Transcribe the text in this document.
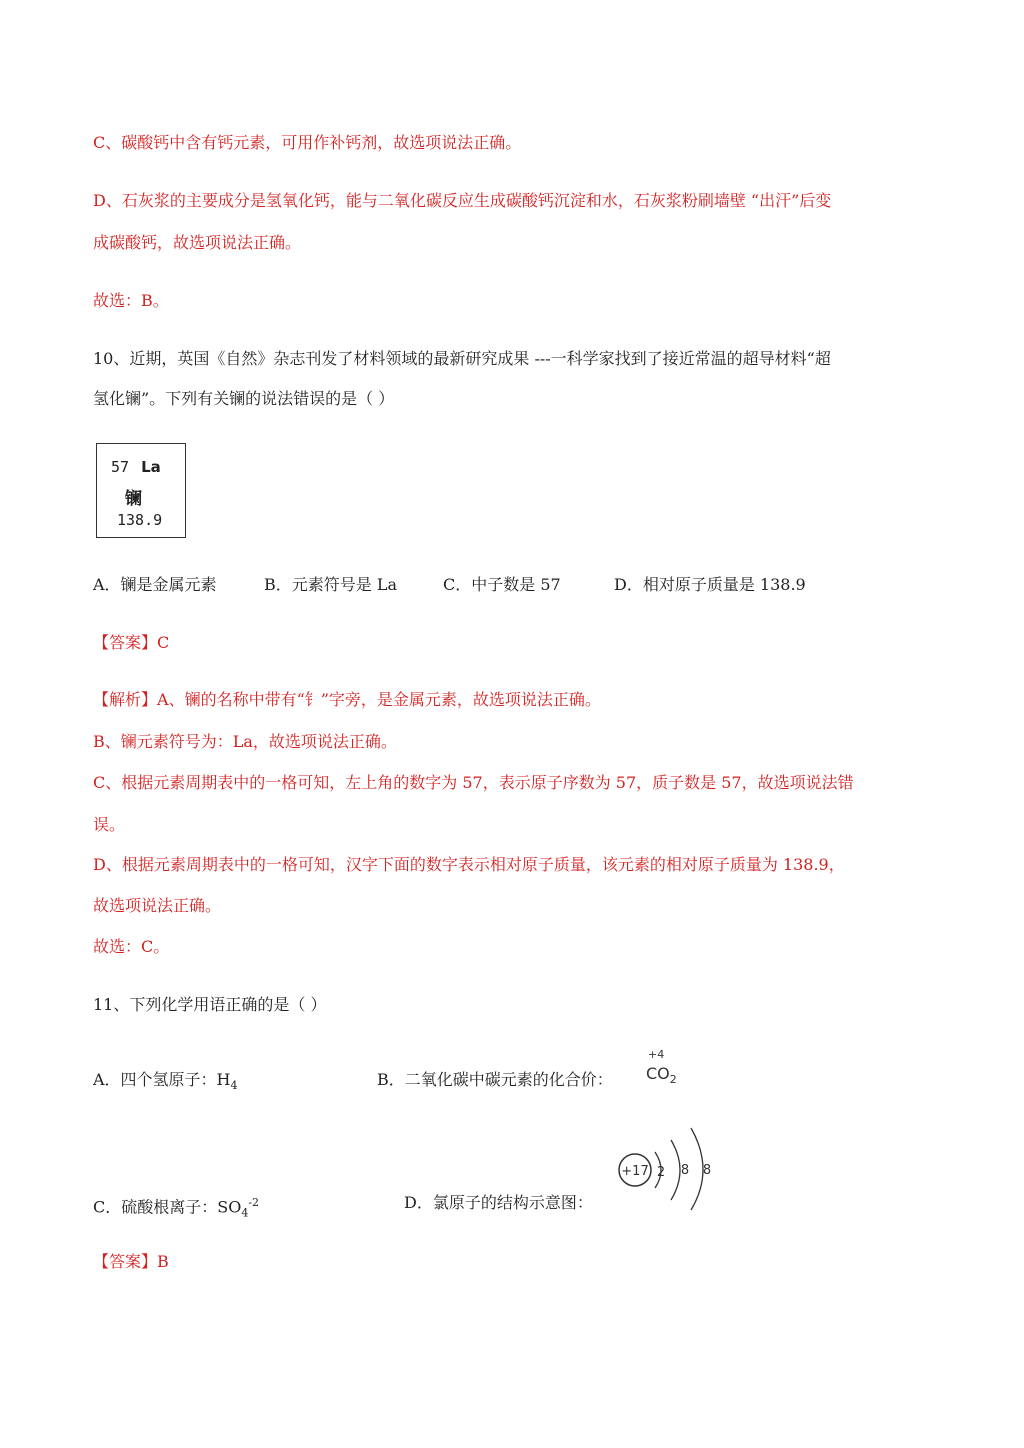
C、碳酸钙中含有钙元素，可用作补钙剂，故选项说法正确。
D、石灰浆的主要成分是氢氧化钙，能与二氧化碳反应生成碳酸钙沉淀和水，石灰浆粉刷墙壁 “出汗”后变
成碳酸钙，故选项说法正确。
故选：B。
10、近期，英国《自然》杂志刊发了材料领域的最新研究成果 ---一科学家找到了接近常温的超导材料“超
氢化镧”。下列有关镧的说法错误的是（ ）
57 La
镧
138.9
A．镧是金属元素	B．元素符号是 La	C．中子数是 57	D．相对原子质量是 138.9
【答案】C
【解析】A、镧的名称中带有“钅”字旁，是金属元素，故选项说法正确。
B、镧元素符号为：La，故选项说法正确。
C、根据元素周期表中的一格可知，左上角的数字为 57，表示原子序数为 57，质子数是 57，故选项说法错
误。
D、根据元素周期表中的一格可知，汉字下面的数字表示相对原子质量，该元素的相对原子质量为 138.9，
故选项说法正确。
故选：C。
11、下列化学用语正确的是（ ）
A．四个氢原子：$H_4$	B．二氧化碳中碳元素的化合价：
+4
$CO_2$
C．硫酸根离子：$SO_4^{-2}$	D．氯原子的结构示意图：
+17 2 8 8
【答案】B
